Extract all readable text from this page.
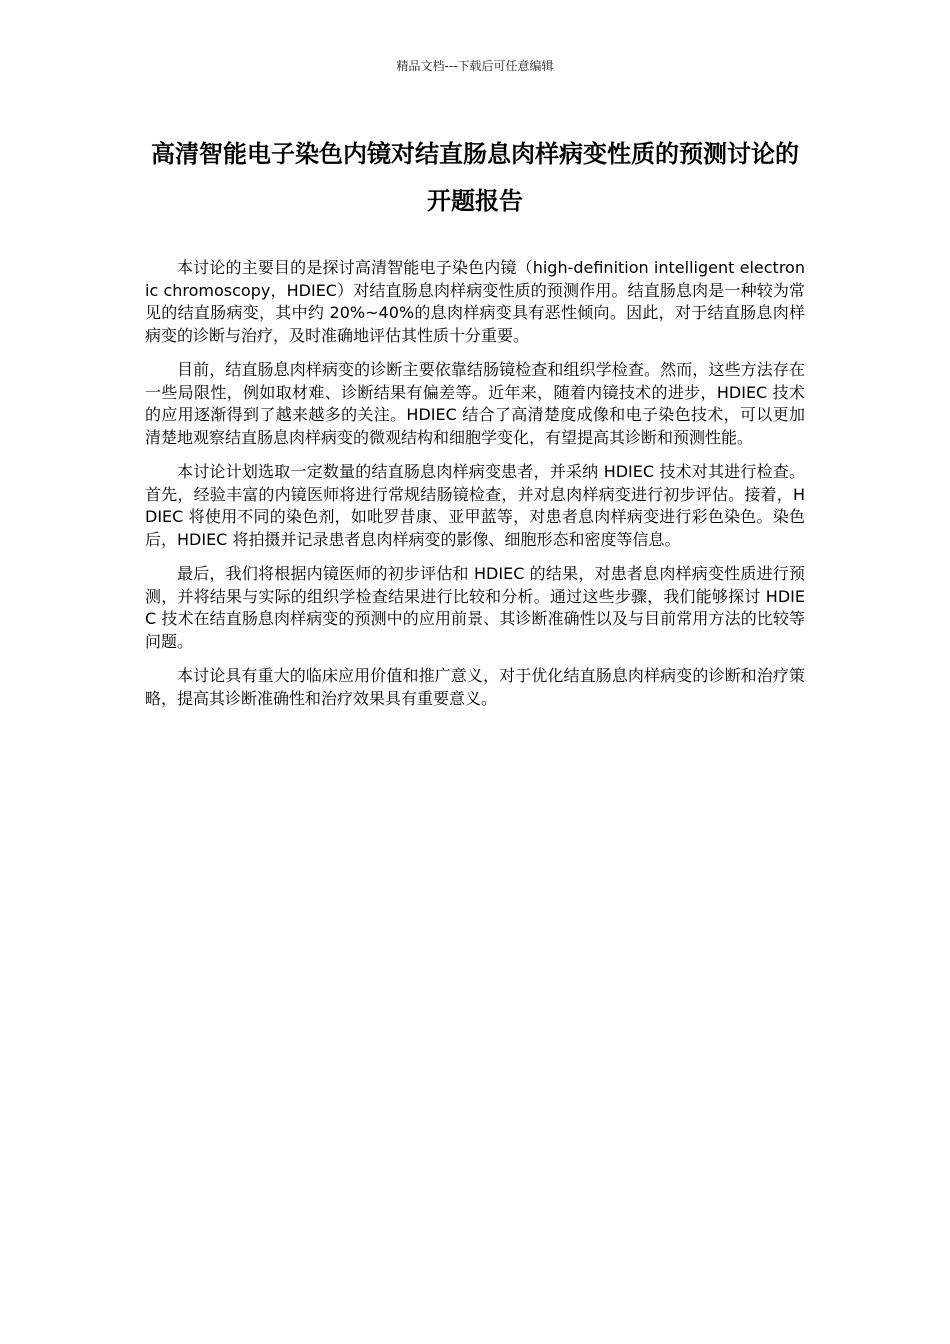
精品文档---下载后可任意编辑
高清智能电子染色内镜对结直肠息肉样病变性质的预测讨论的开题报告

本讨论的主要目的是探讨高清智能电子染色内镜（high-definition intelligent electronic chromoscopy，HDIEC）对结直肠息肉样病变性质的预测作用。结直肠息肉是一种较为常见的结直肠病变，其中约 20%~40%的息肉样病变具有恶性倾向。因此，对于结直肠息肉样病变的诊断与治疗，及时准确地评估其性质十分重要。

目前，结直肠息肉样病变的诊断主要依靠结肠镜检查和组织学检查。然而，这些方法存在一些局限性，例如取材难、诊断结果有偏差等。近年来，随着内镜技术的进步，HDIEC 技术的应用逐渐得到了越来越多的关注。HDIEC 结合了高清楚度成像和电子染色技术，可以更加清楚地观察结直肠息肉样病变的微观结构和细胞学变化，有望提高其诊断和预测性能。

本讨论计划选取一定数量的结直肠息肉样病变患者，并采纳 HDIEC 技术对其进行检查。首先，经验丰富的内镜医师将进行常规结肠镜检查，并对息肉样病变进行初步评估。接着，HDIEC 将使用不同的染色剂，如吡罗昔康、亚甲蓝等，对患者息肉样病变进行彩色染色。染色后，HDIEC 将拍摄并记录患者息肉样病变的影像、细胞形态和密度等信息。

最后，我们将根据内镜医师的初步评估和 HDIEC 的结果，对患者息肉样病变性质进行预测，并将结果与实际的组织学检查结果进行比较和分析。通过这些步骤，我们能够探讨 HDIEC 技术在结直肠息肉样病变的预测中的应用前景、其诊断准确性以及与目前常用方法的比较等问题。

本讨论具有重大的临床应用价值和推广意义，对于优化结直肠息肉样病变的诊断和治疗策略，提高其诊断准确性和治疗效果具有重要意义。
